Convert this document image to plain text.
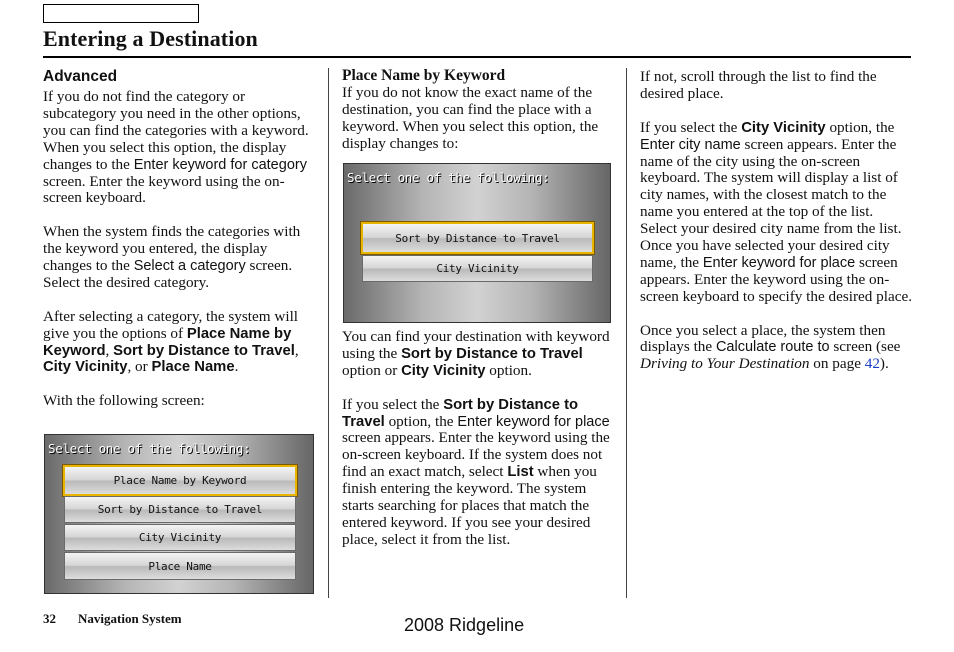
Entering a Destination
Advanced

If you do not find the category or subcategory you need in the other options, you can find the categories with a keyword. When you select this option, the display changes to the Enter keyword for category screen. Enter the keyword using the on-screen keyboard.

When the system finds the categories with the keyword you entered, the display changes to the Select a category screen. Select the desired category.

After selecting a category, the system will give you the options of Place Name by Keyword, Sort by Distance to Travel, City Vicinity, or Place Name.

With the following screen:

Select one of the following:
Place Name by Keyword
Sort by Distance to Travel
City Vicinity
Place Name
Place Name by Keyword

If you do not know the exact name of the destination, you can find the place with a keyword. When you select this option, the display changes to:

Select one of the following:
Sort by Distance to Travel
City Vicinity

You can find your destination with keyword using the Sort by Distance to Travel option or City Vicinity option.

If you select the Sort by Distance to Travel option, the Enter keyword for place screen appears. Enter the keyword using the on-screen keyboard. If the system does not find an exact match, select List when you finish entering the keyword. The system starts searching for places that match the entered keyword. If you see your desired place, select it from the list.

If not, scroll through the list to find the desired place.

If you select the City Vicinity option, the Enter city name screen appears. Enter the name of the city using the on-screen keyboard. The system will display a list of city names, with the closest match to the name you entered at the top of the list. Select your desired city name from the list. Once you have selected your desired city name, the Enter keyword for place screen appears. Enter the keyword using the on-screen keyboard to specify the desired place.

Once you select a place, the system then displays the Calculate route to screen (see Driving to Your Destination on page 42).

32 Navigation System	2008 Ridgeline
